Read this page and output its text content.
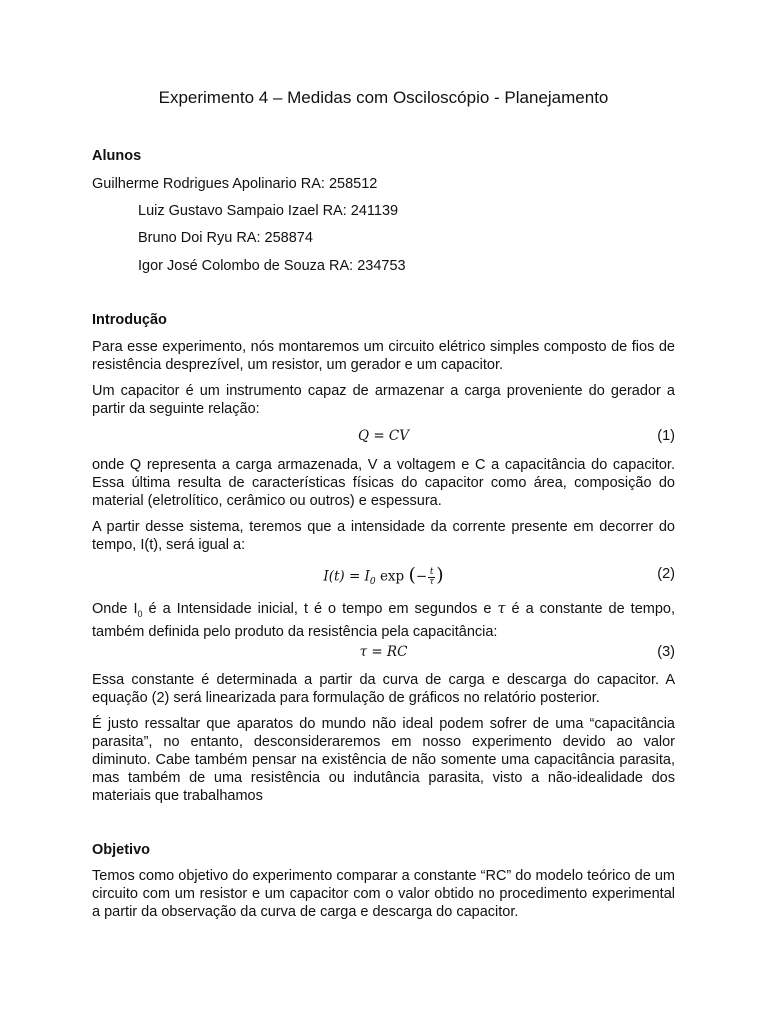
Experimento 4 – Medidas com Osciloscópio - Planejamento
Alunos
Guilherme Rodrigues Apolinario RA: 258512
Luiz Gustavo Sampaio Izael RA: 241139
Bruno Doi Ryu RA: 258874
Igor José Colombo de Souza RA: 234753
Introdução
Para esse experimento, nós montaremos um circuito elétrico simples composto de fios de resistência desprezível, um resistor, um gerador e um capacitor.
Um capacitor é um instrumento capaz de armazenar a carga proveniente do gerador a partir da seguinte relação:
Q = CV	(1)
onde Q representa a carga armazenada, V a voltagem e C a capacitância do capacitor. Essa última resulta de características físicas do capacitor como área, composição do material (eletrolítico, cerâmico ou outros) e espessura.
A partir desse sistema, teremos que a intensidade da corrente presente em decorrer do tempo, I(t), será igual a:
$I(t) = I_0$ exp (− $\frac{t}{\tau}$ )	(2)
Onde $I_0$ é a Intensidade inicial, t é o tempo em segundos e τ é a constante de tempo, também definida pelo produto da resistência pela capacitância:
τ = RC	(3)
Essa constante é determinada a partir da curva de carga e descarga do capacitor. A equação (2) será linearizada para formulação de gráficos no relatório posterior.
É justo ressaltar que aparatos do mundo não ideal podem sofrer de uma “capacitância parasita”, no entanto, desconsideraremos em nosso experimento devido ao valor diminuto. Cabe também pensar na existência de não somente uma capacitância parasita, mas também de uma resistência ou indutância parasita, visto a não-idealidade dos materiais que trabalhamos
Objetivo
Temos como objetivo do experimento comparar a constante “RC” do modelo teórico de um circuito com um resistor e um capacitor com o valor obtido no procedimento experimental a partir da observação da curva de carga e descarga do capacitor.
